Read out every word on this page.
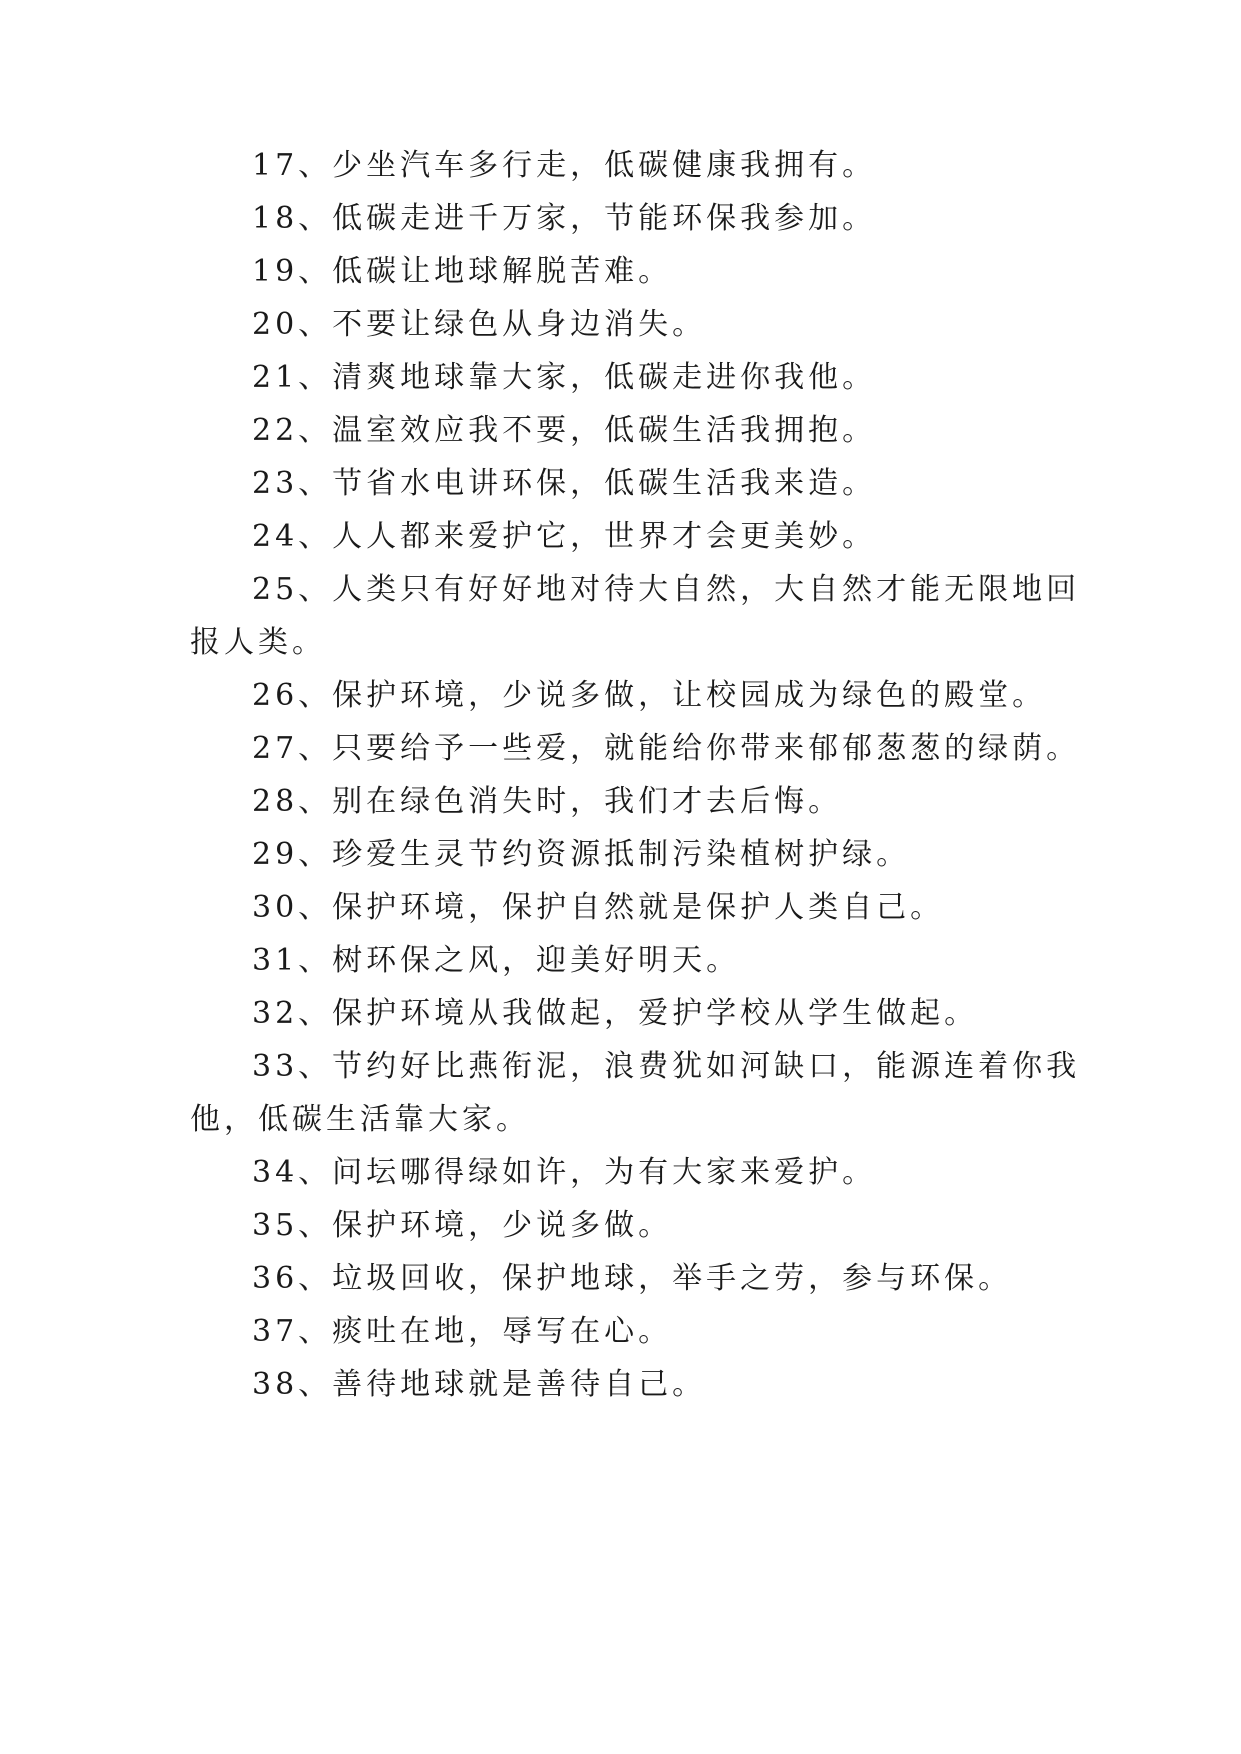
17、少坐汽车多行走，低碳健康我拥有。
18、低碳走进千万家，节能环保我参加。
19、低碳让地球解脱苦难。
20、不要让绿色从身边消失。
21、清爽地球靠大家，低碳走进你我他。
22、温室效应我不要，低碳生活我拥抱。
23、节省水电讲环保，低碳生活我来造。
24、人人都来爱护它，世界才会更美妙。
25、人类只有好好地对待大自然，大自然才能无限地回
报人类。
26、保护环境，少说多做，让校园成为绿色的殿堂。
27、只要给予一些爱，就能给你带来郁郁葱葱的绿荫。
28、别在绿色消失时，我们才去后悔。
29、珍爱生灵节约资源抵制污染植树护绿。
30、保护环境，保护自然就是保护人类自己。
31、树环保之风，迎美好明天。
32、保护环境从我做起，爱护学校从学生做起。
33、节约好比燕衔泥，浪费犹如河缺口，能源连着你我
他，低碳生活靠大家。
34、问坛哪得绿如许，为有大家来爱护。
35、保护环境，少说多做。
36、垃圾回收，保护地球，举手之劳，参与环保。
37、痰吐在地，辱写在心。
38、善待地球就是善待自己。
